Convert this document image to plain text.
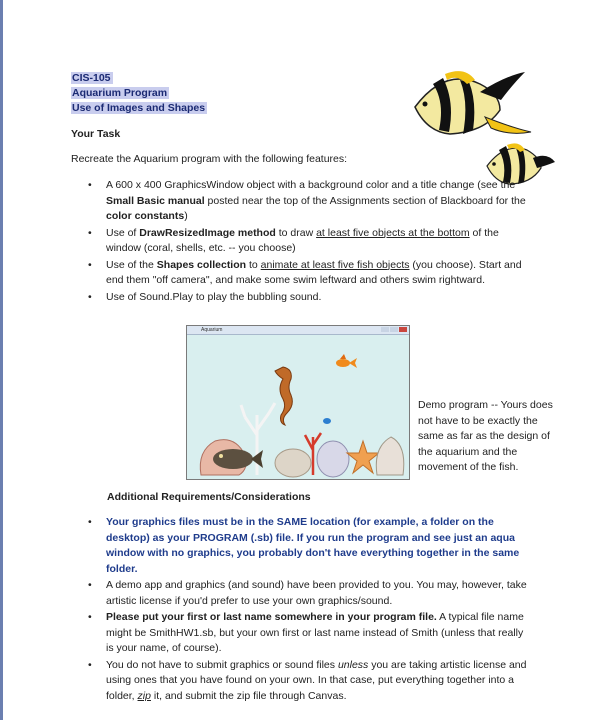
CIS-105
Aquarium Program
Use of Images and Shapes
Your Task
Recreate the Aquarium program with the following features:
• A 600 x 400 GraphicsWindow object with a background color and a title change (see the Small Basic manual posted near the top of the Assignments section of Blackboard for the color constants)
• Use of DrawResizedImage method to draw at least five objects at the bottom of the window (coral, shells, etc. -- you choose)
• Use of the Shapes collection to animate at least five fish objects (you choose). Start and end them "off camera", and make some swim leftward and others swim rightward.
• Use of Sound.Play to play the bubbling sound.
Aquarium
Demo program -- Yours does not have to be exactly the same as far as the design of the aquarium and the movement of the fish.
Additional Requirements/Considerations
• Your graphics files must be in the SAME location (for example, a folder on the desktop) as your PROGRAM (.sb) file. If you run the program and see just an aqua window with no graphics, you probably don't have everything together in the same folder.
• A demo app and graphics (and sound) have been provided to you. You may, however, take artistic license if you'd prefer to use your own graphics/sound.
• Please put your first or last name somewhere in your program file. A typical file name might be SmithHW1.sb, but your own first or last name instead of Smith (unless that really is your name, of course).
• You do not have to submit graphics or sound files unless you are taking artistic license and using ones that you have found on your own. In that case, put everything together into a folder, zip it, and submit the zip file through Canvas.
